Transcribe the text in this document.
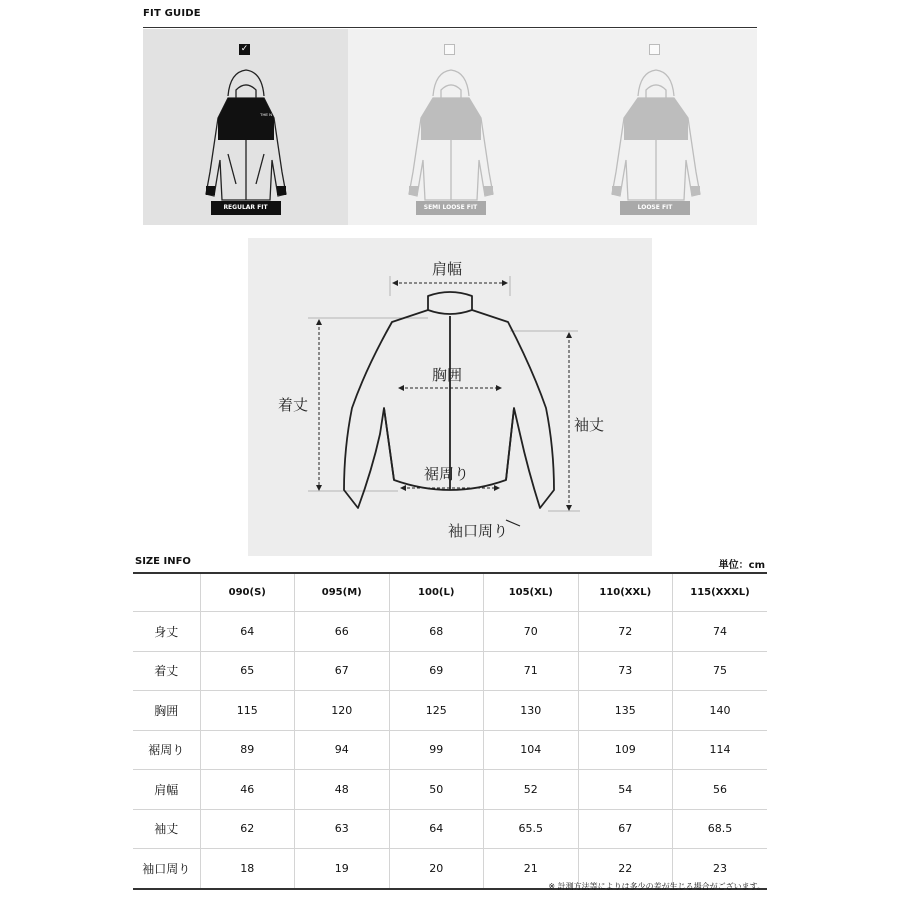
FIT GUIDE
✓
THE N
REGULAR FIT	SEMI LOOSE FIT	LOOSE FIT
肩幅
胸囲
着丈
袖丈
裾周り
袖口周り
SIZE INFO	単位：cm
	090(S)	095(M)	100(L)	105(XL)	110(XXL)	115(XXXL)
身丈	64	66	68	70	72	74
着丈	65	67	69	71	73	75
胸囲	115	120	125	130	135	140
裾周り	89	94	99	104	109	114
肩幅	46	48	50	52	54	56
袖丈	62	63	64	65.5	67	68.5
袖口周り	18	19	20	21	22	23
※ 計測方法等によりは多少の差が生じる場合がございます。
